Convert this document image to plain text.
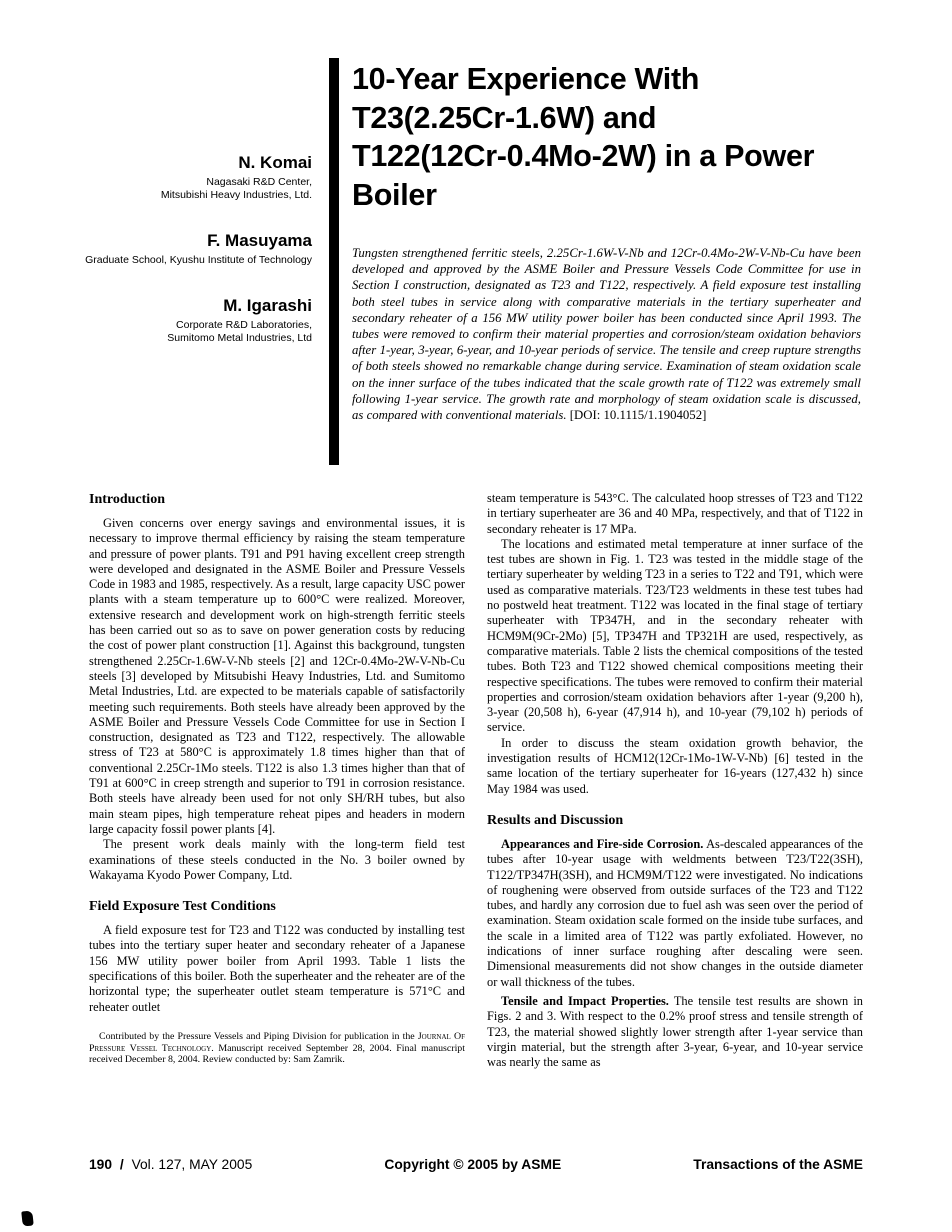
10-Year Experience With
T23(2.25Cr-1.6W) and
T122(12Cr-0.4Mo-2W) in a Power
Boiler
N. Komai
Nagasaki R&D Center,
Mitsubishi Heavy Industries, Ltd.
F. Masuyama
Graduate School, Kyushu Institute of Technology
M. Igarashi
Corporate R&D Laboratories,
Sumitomo Metal Industries, Ltd
Tungsten strengthened ferritic steels, 2.25Cr-1.6W-V-Nb and 12Cr-0.4Mo-2W-V-Nb-Cu have been developed and approved by the ASME Boiler and Pressure Vessels Code Committee for use in Section I construction, designated as T23 and T122, respectively. A field exposure test installing both steel tubes in service along with comparative materials in the tertiary superheater and secondary reheater of a 156 MW utility power boiler has been conducted since April 1993. The tubes were removed to confirm their material properties and corrosion/steam oxidation behaviors after 1-year, 3-year, 6-year, and 10-year periods of service. The tensile and creep rupture strengths of both steels showed no remarkable change during service. Examination of steam oxidation scale on the inner surface of the tubes indicated that the scale growth rate of T122 was extremely small following 1-year service. The growth rate and morphology of steam oxidation scale is discussed, as compared with conventional materials. [DOI: 10.1115/1.1904052]
Introduction

Given concerns over energy savings and environmental issues, it is necessary to improve thermal efficiency by raising the steam temperature and pressure of power plants. T91 and P91 having excellent creep strength were developed and designated in the ASME Boiler and Pressure Vessels Code in 1983 and 1985, respectively. As a result, large capacity USC power plants with a steam temperature up to 600°C were realized. Moreover, extensive research and development work on high-strength ferritic steels has been carried out so as to save on power generation costs by reducing the cost of power plant construction [1]. Against this background, tungsten strengthened 2.25Cr-1.6W-V-Nb steels [2] and 12Cr-0.4Mo-2W-V-Nb-Cu steels [3] developed by Mitsubishi Heavy Industries, Ltd. and Sumitomo Metal Industries, Ltd. are expected to be materials capable of satisfactorily meeting such requirements. Both steels have already been approved by the ASME Boiler and Pressure Vessels Code Committee for use in Section I construction, designated as T23 and T122, respectively. The allowable stress of T23 at 580°C is approximately 1.8 times higher than that of conventional 2.25Cr-1Mo steels. T122 is also 1.3 times higher than that of T91 at 600°C in creep strength and superior to T91 in corrosion resistance. Both steels have already been used for not only SH/RH tubes, but also main steam pipes, high temperature reheat pipes and headers in modern large capacity fossil power plants [4].

The present work deals mainly with the long-term field test examinations of these steels conducted in the No. 3 boiler owned by Wakayama Kyodo Power Company, Ltd.

Field Exposure Test Conditions

A field exposure test for T23 and T122 was conducted by installing test tubes into the tertiary super heater and secondary reheater of a Japanese 156 MW utility power boiler from April 1993. Table 1 lists the specifications of this boiler. Both the superheater and the reheater are of the horizontal type; the superheater outlet steam temperature is 571°C and reheater outlet

Contributed by the Pressure Vessels and Piping Division for publication in the Journal Of Pressure Vessel Technology. Manuscript received September 28, 2004. Final manuscript received December 8, 2004. Review conducted by: Sam Zamrik.

steam temperature is 543°C. The calculated hoop stresses of T23 and T122 in tertiary superheater are 36 and 40 MPa, respectively, and that of T122 in secondary reheater is 17 MPa.

The locations and estimated metal temperature at inner surface of the test tubes are shown in Fig. 1. T23 was tested in the middle stage of the tertiary superheater by welding T23 in a series to T22 and T91, which were used as comparative materials. T23/T23 weldments in these test tubes had no postweld heat treatment. T122 was located in the final stage of tertiary superheater with TP347H, and in the secondary reheater with HCM9M(9Cr-2Mo) [5], TP347H and TP321H are used, respectively, as comparative materials. Table 2 lists the chemical compositions of the tested tubes. Both T23 and T122 showed chemical compositions meeting their respective specifications. The tubes were removed to confirm their material properties and corrosion/steam oxidation behaviors after 1-year (9,200 h), 3-year (20,508 h), 6-year (47,914 h), and 10-year (79,102 h) periods of service.

In order to discuss the steam oxidation growth behavior, the investigation results of HCM12(12Cr-1Mo-1W-V-Nb) [6] tested in the same location of the tertiary superheater for 16-years (127,432 h) since May 1984 was used.

Results and Discussion

Appearances and Fire-side Corrosion. As-descaled appearances of the tubes after 10-year usage with weldments between T23/T22(3SH), T122/TP347H(3SH), and HCM9M/T122 were investigated. No indications of roughening were observed from outside surfaces of the T23 and T122 tubes, and hardly any corrosion due to fuel ash was seen over the period of examination. Steam oxidation scale formed on the inside tube surfaces, and the scale in a limited area of T122 was partly exfoliated. However, no indications of inner surface roughing after descaling were seen. Dimensional measurements did not show changes in the outside diameter or wall thickness of the tubes.

Tensile and Impact Properties. The tensile test results are shown in Figs. 2 and 3. With respect to the 0.2% proof stress and tensile strength of T23, the material showed slightly lower strength after 1-year service than virgin material, but the strength after 3-year, 6-year, and 10-year service was nearly the same as

190 / Vol. 127, MAY 2005	Copyright © 2005 by ASME	Transactions of the ASME
